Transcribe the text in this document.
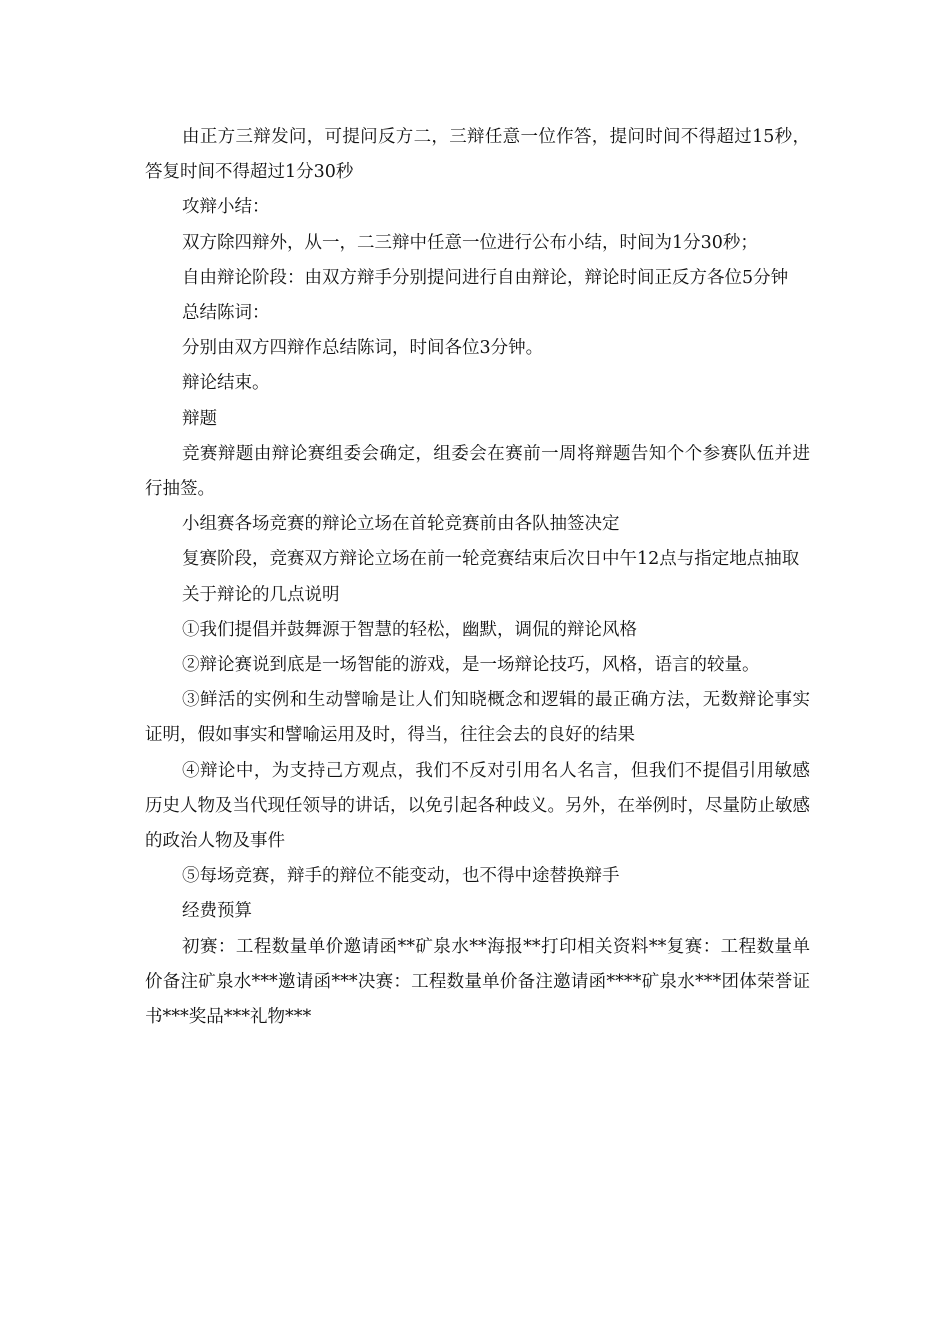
由正方三辩发问，可提问反方二，三辩任意一位作答，提问时间不得超过15秒，答复时间不得超过1分30秒

攻辩小结：

双方除四辩外，从一，二三辩中任意一位进行公布小结，时间为1分30秒；

自由辩论阶段：由双方辩手分别提问进行自由辩论，辩论时间正反方各位5分钟

总结陈词：

分别由双方四辩作总结陈词，时间各位3分钟。

辩论结束。

辩题

竞赛辩题由辩论赛组委会确定，组委会在赛前一周将辩题告知个个参赛队伍并进行抽签。

小组赛各场竞赛的辩论立场在首轮竞赛前由各队抽签决定

复赛阶段，竞赛双方辩论立场在前一轮竞赛结束后次日中午12点与指定地点抽取

关于辩论的几点说明

①我们提倡并鼓舞源于智慧的轻松，幽默，调侃的辩论风格

②辩论赛说到底是一场智能的游戏，是一场辩论技巧，风格，语言的较量。

③鲜活的实例和生动譬喻是让人们知晓概念和逻辑的最正确方法，无数辩论事实证明，假如事实和譬喻运用及时，得当，往往会去的良好的结果

④辩论中，为支持己方观点，我们不反对引用名人名言，但我们不提倡引用敏感历史人物及当代现任领导的讲话，以免引起各种歧义。另外，在举例时，尽量防止敏感的政治人物及事件

⑤每场竞赛，辩手的辩位不能变动，也不得中途替换辩手

经费预算

初赛：工程数量单价邀请函**矿泉水**海报**打印相关资料**复赛：工程数量单价备注矿泉水***邀请函***决赛：工程数量单价备注邀请函****矿泉水***团体荣誉证书***奖品***礼物***
